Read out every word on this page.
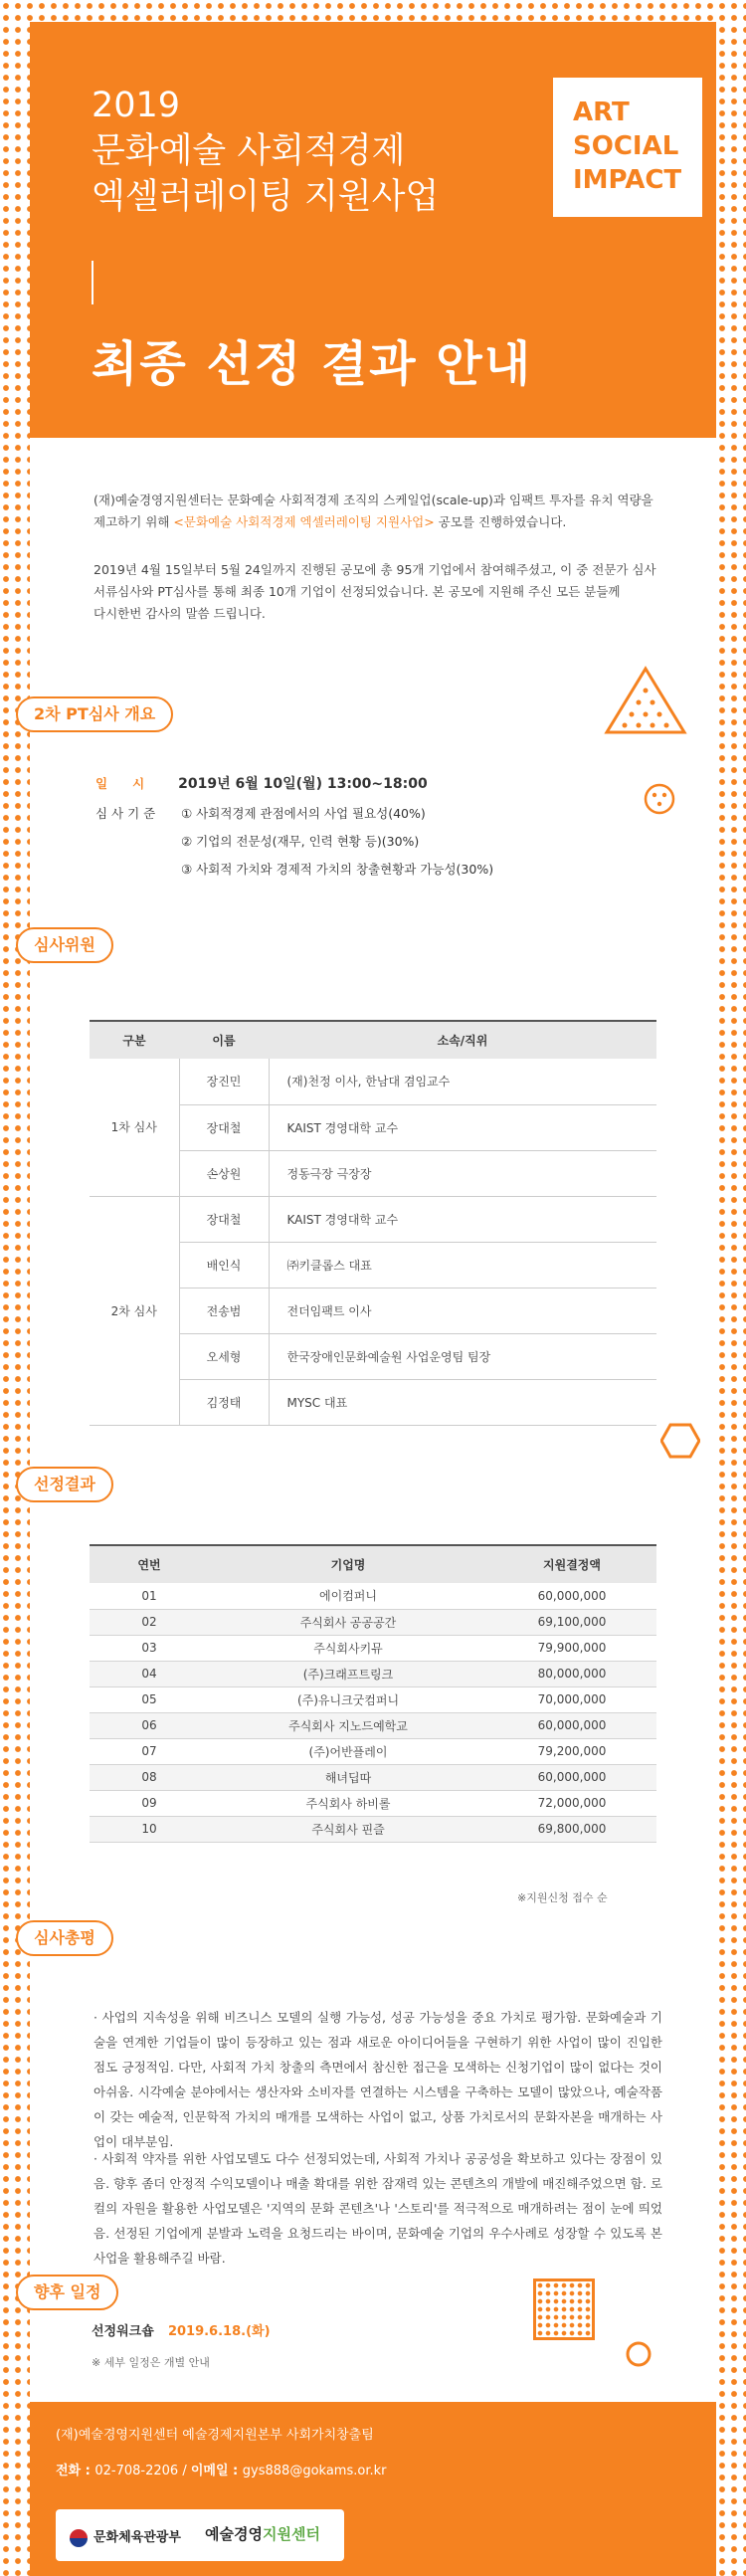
2019
문화예술 사회적경제
엑셀러레이팅 지원사업
최종 선정 결과 안내
ART
SOCIAL
IMPACT
(재)예술경영지원센터는 문화예술 사회적경제 조직의 스케일업(scale-up)과 임팩트 투자를 유치 역량을
제고하기 위해 <문화예술 사회적경제 엑셀러레이팅 지원사업> 공모를 진행하였습니다.
2019년 4월 15일부터 5월 24일까지 진행된 공모에 총 95개 기업에서 참여해주셨고, 이 중 전문가 심사
서류심사와 PT심사를 통해 최종 10개 기업이 선정되었습니다. 본 공모에 지원해 주신 모든 분들께
다시한번 감사의 말씀 드립니다.
2차 PT심사 개요
일　　시 2019년 6월 10일(월) 13:00~18:00
심 사 기 준 ① 사회적경제 관점에서의 사업 필요성(40%)
② 기업의 전문성(재무, 인력 현황 등)(30%)
③ 사회적 가치와 경제적 가치의 창출현황과 가능성(30%)
심사위원
구분	이름	소속/직위
1차 심사	장진민	(재)천정 이사, 한남대 겸임교수
	장대철	KAIST 경영대학 교수
	손상원	정동극장 극장장
2차 심사	장대철	KAIST 경영대학 교수
	배인식	㈜키클롭스 대표
	전송범	전더임팩트 이사
	오세형	한국장애인문화예술원 사업운영팀 팀장
	김정태	MYSC 대표
선정결과
연번	기업명	지원결정액
01	에이컴퍼니	60,000,000
02	주식회사 공공공간	69,100,000
03	주식회사키뮤	79,900,000
04	(주)크래프트링크	80,000,000
05	(주)유니크굿컴퍼니	70,000,000
06	주식회사 지노드예학교	60,000,000
07	(주)어반플레이	79,200,000
08	해녀딥따	60,000,000
09	주식회사 하비롤	72,000,000
10	주식회사 핀즐	69,800,000
※지원신청 접수 순
심사총평
· 사업의 지속성을 위해 비즈니스 모델의 실행 가능성, 성공 가능성을 중요 가치로 평가함. 문화예술과 기술을 연계한 기업들이 많이 등장하고 있는 점과 새로운 아이디어들을 구현하기 위한 사업이 많이 진입한 점도 긍정적임. 다만, 사회적 가치 창출의 측면에서 참신한 접근을 모색하는 신청기업이 많이 없다는 것이 아쉬움. 시각예술 분야에서는 생산자와 소비자를 연결하는 시스템을 구축하는 모델이 많았으나, 예술작품이 갖는 예술적, 인문학적 가치의 매개를 모색하는 사업이 없고, 상품 가치로서의 문화자본을 매개하는 사업이 대부분임.
· 사회적 약자를 위한 사업모델도 다수 선정되었는데, 사회적 가치나 공공성을 확보하고 있다는 장점이 있음. 향후 좀더 안정적 수익모델이나 매출 확대를 위한 잠재력 있는 콘텐츠의 개발에 매진해주었으면 함. 로컬의 자원을 활용한 사업모델은 '지역의 문화 콘텐츠'나 '스토리'를 적극적으로 매개하려는 점이 눈에 띄었음. 선정된 기업에게 분발과 노력을 요청드리는 바이며, 문화예술 기업의 우수사례로 성장할 수 있도록 본 사업을 활용해주길 바람.
향후 일정
선정워크숍 2019.6.18.(화)
※ 세부 일정은 개별 안내
(재)예술경영지원센터 예술경제지원본부 사회가치창출팀
전화 : 02-708-2206 / 이메일 : gys888@gokams.or.kr
문화체육관광부 예술경영지원센터
